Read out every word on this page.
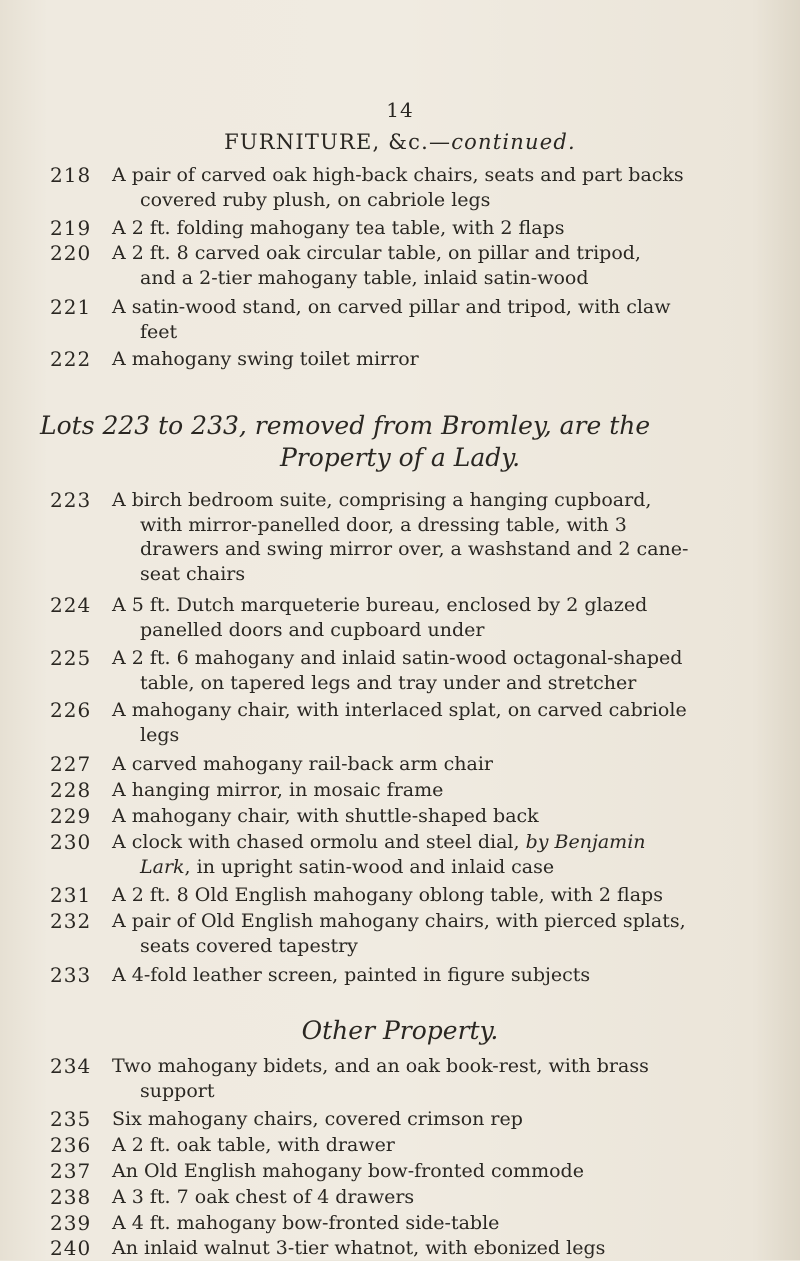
14
FURNITURE, &c.—continued.
218 A pair of carved oak high-back chairs, seats and part backs
covered ruby plush, on cabriole legs
219 A 2 ft. folding mahogany tea table, with 2 flaps
220 A 2 ft. 8 carved oak circular table, on pillar and tripod,
and a 2-tier mahogany table, inlaid satin-wood
221 A satin-wood stand, on carved pillar and tripod, with claw
feet
222 A mahogany swing toilet mirror
Lots 223 to 233, removed from Bromley, are the
Property of a Lady.
223 A birch bedroom suite, comprising a hanging cupboard,
with mirror-panelled door, a dressing table, with 3
drawers and swing mirror over, a washstand and 2 cane-
seat chairs
224 A 5 ft. Dutch marqueterie bureau, enclosed by 2 glazed
panelled doors and cupboard under
225 A 2 ft. 6 mahogany and inlaid satin-wood octagonal-shaped
table, on tapered legs and tray under and stretcher
226 A mahogany chair, with interlaced splat, on carved cabriole
legs
227 A carved mahogany rail-back arm chair
228 A hanging mirror, in mosaic frame
229 A mahogany chair, with shuttle-shaped back
230 A clock with chased ormolu and steel dial, by Benjamin
Lark, in upright satin-wood and inlaid case
231 A 2 ft. 8 Old English mahogany oblong table, with 2 flaps
232 A pair of Old English mahogany chairs, with pierced splats,
seats covered tapestry
233 A 4-fold leather screen, painted in figure subjects
Other Property.
234 Two mahogany bidets, and an oak book-rest, with brass
support
235 Six mahogany chairs, covered crimson rep
236 A 2 ft. oak table, with drawer
237 An Old English mahogany bow-fronted commode
238 A 3 ft. 7 oak chest of 4 drawers
239 A 4 ft. mahogany bow-fronted side-table
240 An inlaid walnut 3-tier whatnot, with ebonized legs
